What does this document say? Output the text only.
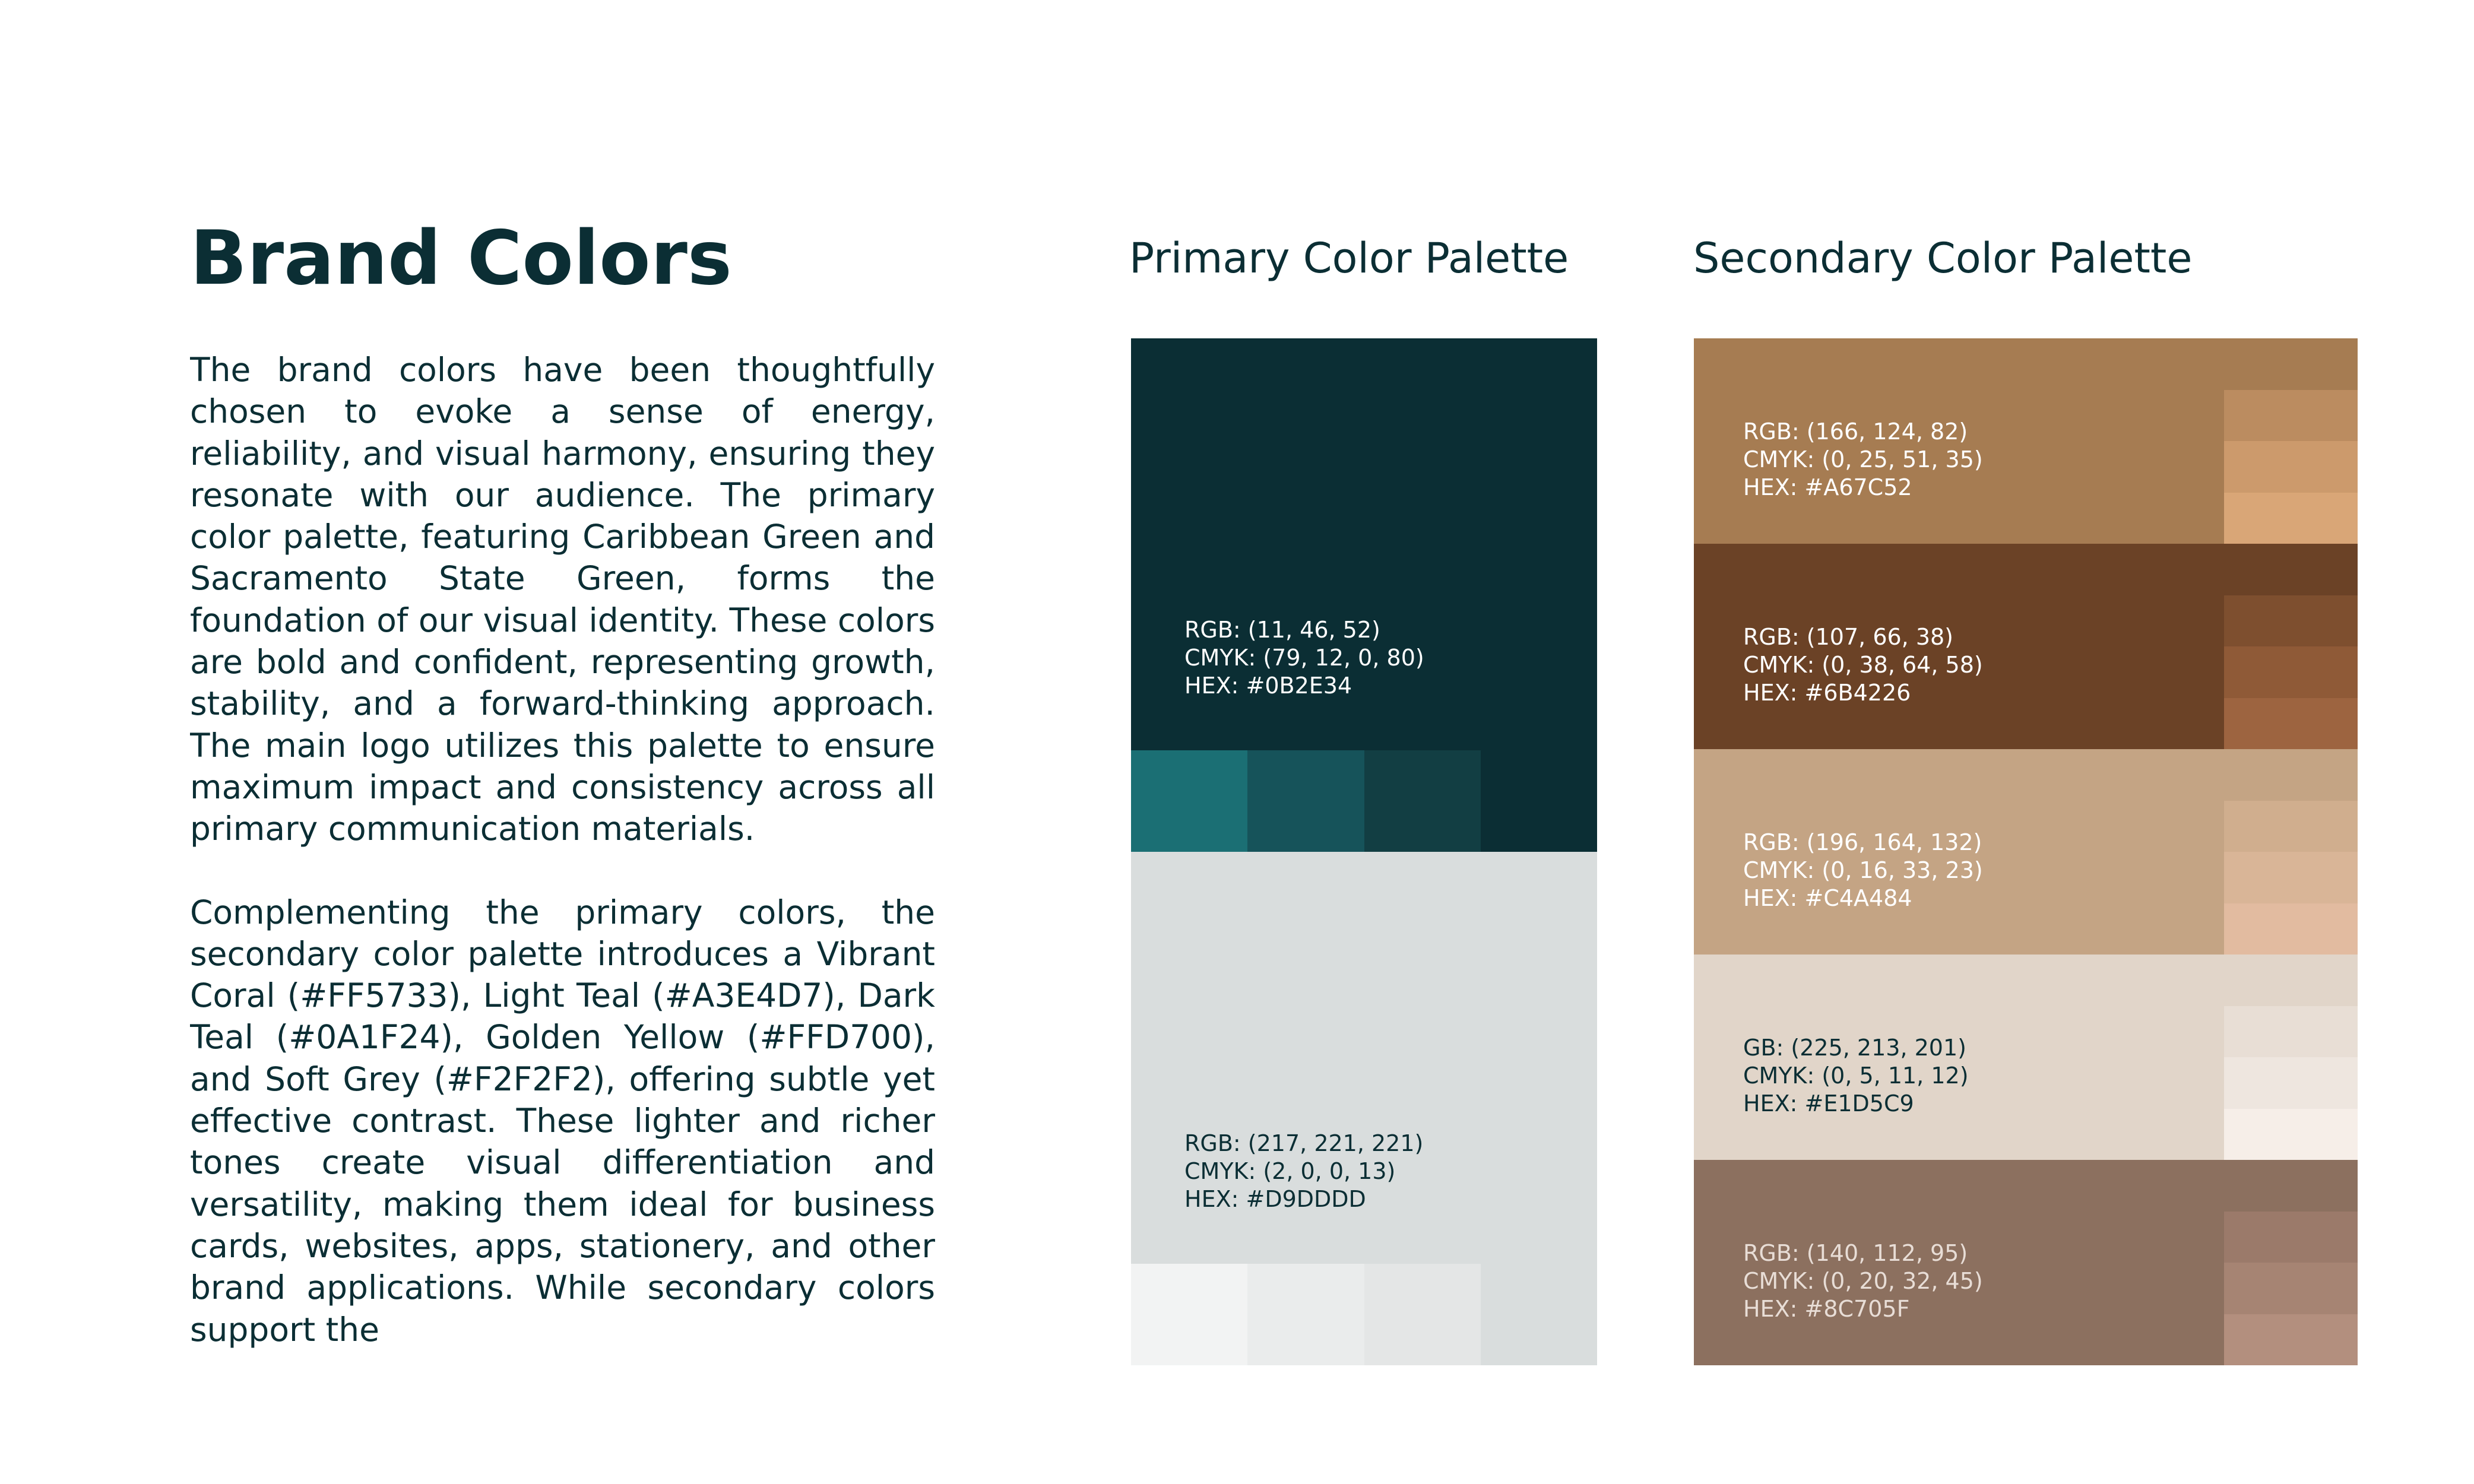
Brand Colors

The brand colors have been thoughtfully chosen to evoke a sense of energy, reliability, and visual harmony, ensuring they resonate with our audience. The primary color palette, featuring Caribbean Green and Sacramento State Green, forms the foundation of our visual identity. These colors are bold and confident, representing growth, stability, and a forward-thinking approach. The main logo utilizes this palette to ensure maximum impact and consistency across all primary communication materials.

Complementing the primary colors, the secondary color palette introduces a Vibrant Coral (#FF5733), Light Teal (#A3E4D7), Dark Teal (#0A1F24), Golden Yellow (#FFD700), and Soft Grey (#F2F2F2), offering subtle yet effective contrast. These lighter and richer tones create visual differentiation and versatility, making them ideal for business cards, websites, apps, stationery, and other brand applications. While secondary colors support the

Primary Color Palette	Secondary Color Palette
RGB: (11, 46, 52)
CMYK: (79, 12, 0, 80)
HEX: #0B2E34
RGB: (217, 221, 221)
CMYK: (2, 0, 0, 13)
HEX: #D9DDDD
RGB: (166, 124, 82)
CMYK: (0, 25, 51, 35)
HEX: #A67C52
RGB: (107, 66, 38)
CMYK: (0, 38, 64, 58)
HEX: #6B4226
RGB: (196, 164, 132)
CMYK: (0, 16, 33, 23)
HEX: #C4A484
GB: (225, 213, 201)
CMYK: (0, 5, 11, 12)
HEX: #E1D5C9
RGB: (140, 112, 95)
CMYK: (0, 20, 32, 45)
HEX: #8C705F
